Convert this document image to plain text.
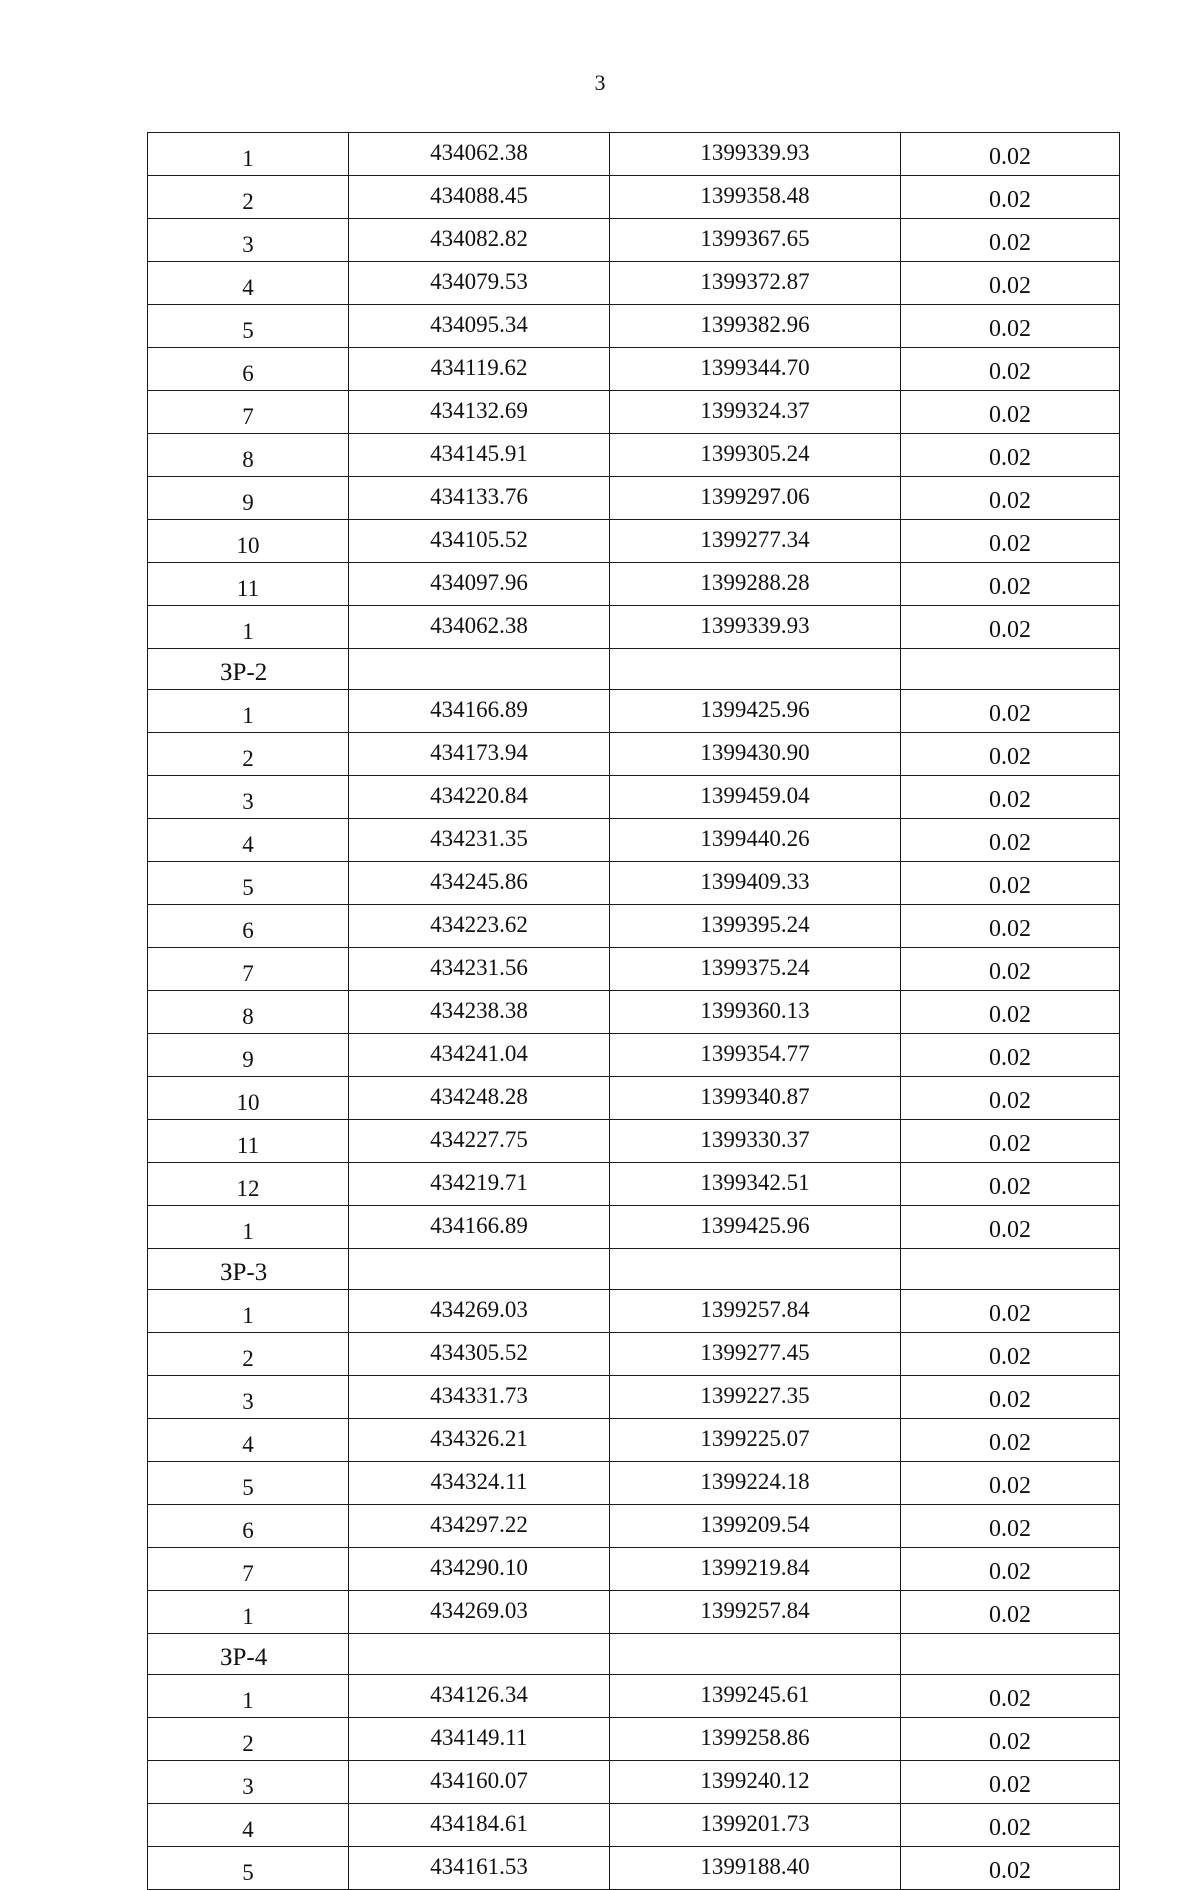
3
1	434062.38	1399339.93	0.02
2	434088.45	1399358.48	0.02
3	434082.82	1399367.65	0.02
4	434079.53	1399372.87	0.02
5	434095.34	1399382.96	0.02
6	434119.62	1399344.70	0.02
7	434132.69	1399324.37	0.02
8	434145.91	1399305.24	0.02
9	434133.76	1399297.06	0.02
10	434105.52	1399277.34	0.02
11	434097.96	1399288.28	0.02
1	434062.38	1399339.93	0.02
ЗР-2			
1	434166.89	1399425.96	0.02
2	434173.94	1399430.90	0.02
3	434220.84	1399459.04	0.02
4	434231.35	1399440.26	0.02
5	434245.86	1399409.33	0.02
6	434223.62	1399395.24	0.02
7	434231.56	1399375.24	0.02
8	434238.38	1399360.13	0.02
9	434241.04	1399354.77	0.02
10	434248.28	1399340.87	0.02
11	434227.75	1399330.37	0.02
12	434219.71	1399342.51	0.02
1	434166.89	1399425.96	0.02
ЗР-3			
1	434269.03	1399257.84	0.02
2	434305.52	1399277.45	0.02
3	434331.73	1399227.35	0.02
4	434326.21	1399225.07	0.02
5	434324.11	1399224.18	0.02
6	434297.22	1399209.54	0.02
7	434290.10	1399219.84	0.02
1	434269.03	1399257.84	0.02
ЗР-4			
1	434126.34	1399245.61	0.02
2	434149.11	1399258.86	0.02
3	434160.07	1399240.12	0.02
4	434184.61	1399201.73	0.02
5	434161.53	1399188.40	0.02
